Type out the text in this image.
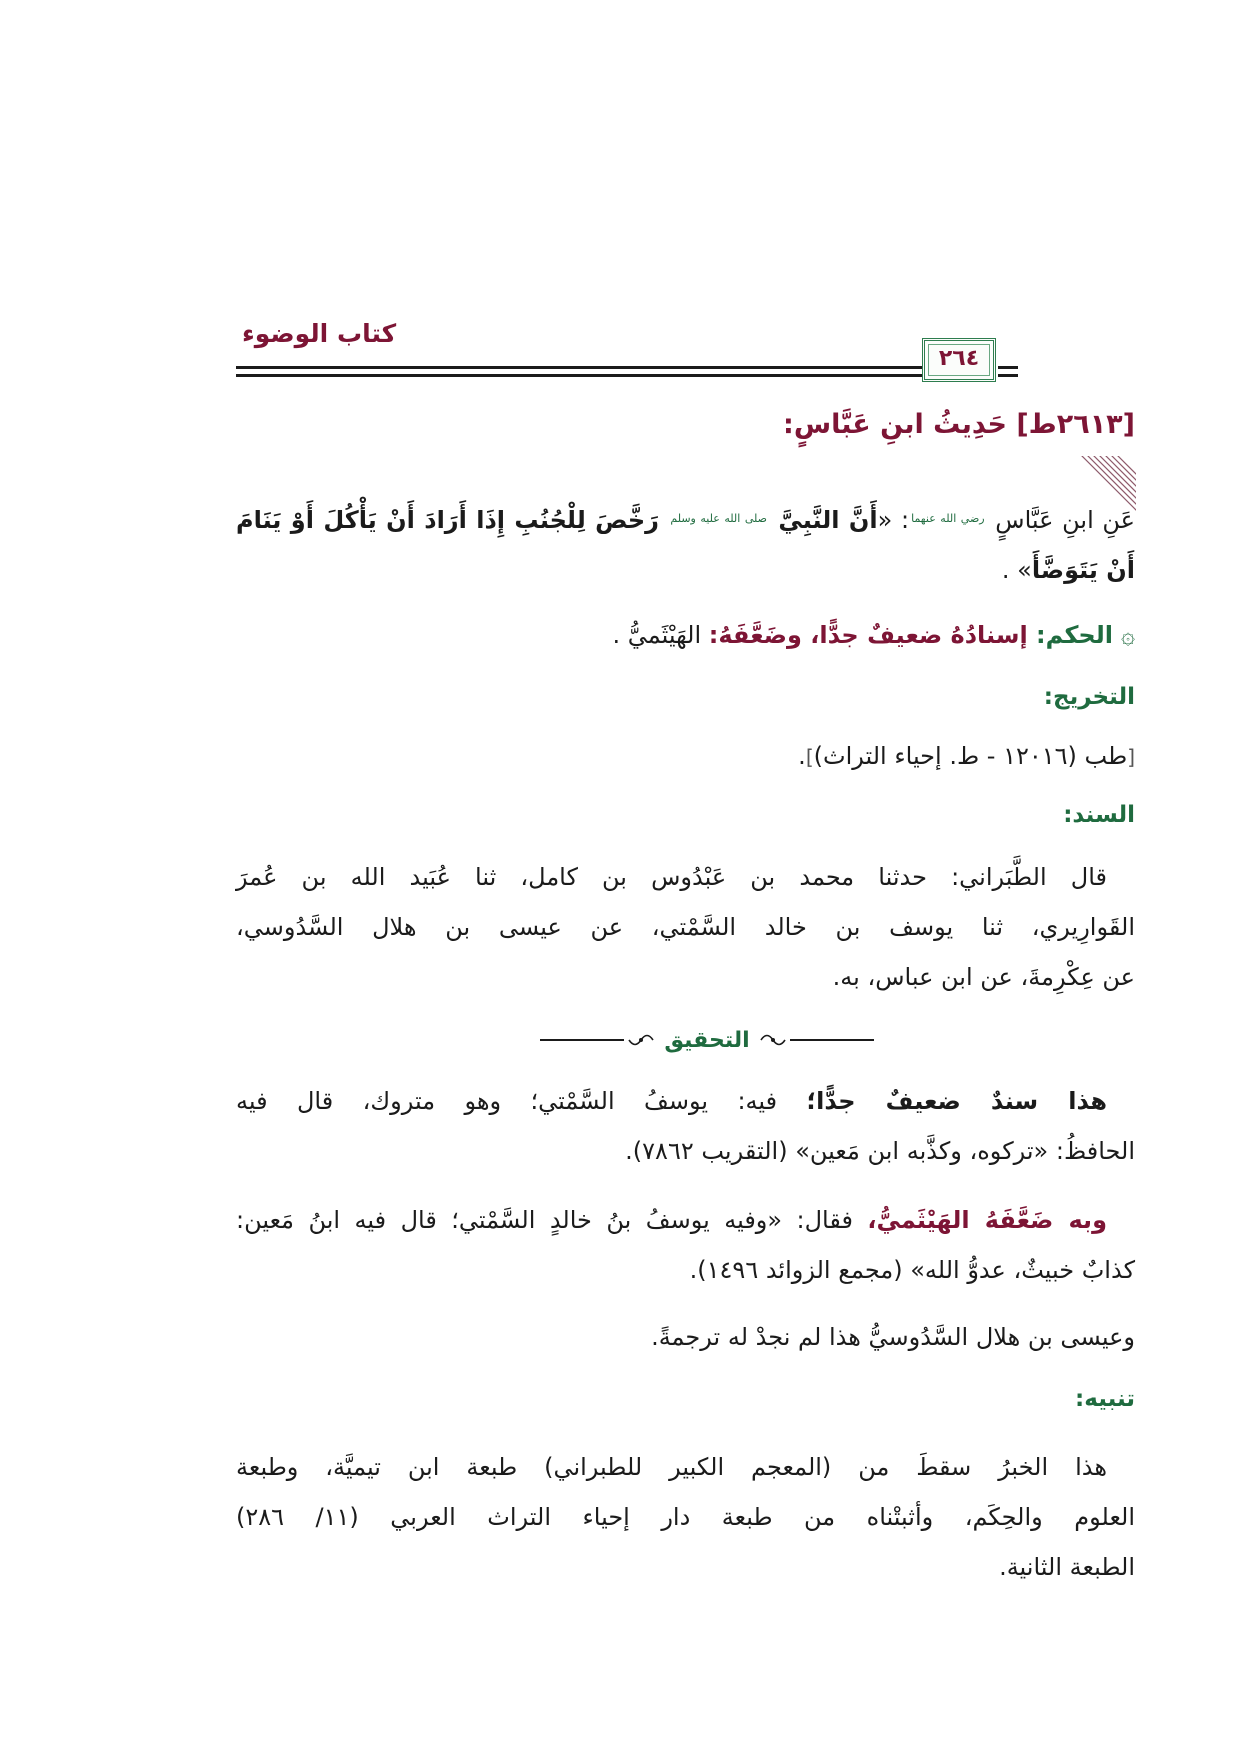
كتاب الوضوء
٢٦٤
[٢٦١٣ط] حَدِيثُ ابنِ عَبَّاسٍ:
عَنِ ابنِ عَبَّاسٍ $^{رضي الله عنهما}$: «أَنَّ النَّبِيَّ $^{صلى الله عليه وسلم}$ رَخَّصَ لِلْجُنُبِ إِذَا أَرَادَ أَنْ يَأْكُلَ أَوْ يَنَامَ
أَنْ يَتَوَضَّأَ» .
۞الحكم: إسنادُهُ ضعيفٌ جدًّا، وضَعَّفَهُ: الهَيْثَميُّ .
التخريج:
[طب (١٢٠١٦ - ط. إحياء التراث)].
السند:
قال الطَّبَراني: حدثنا محمد بن عَبْدُوس بن كامل، ثنا عُبَيد الله بن عُمرَ
القَوارِيري، ثنا يوسف بن خالد السَّمْتي، عن عيسى بن هلال السَّدُوسي،
عن عِكْرِمةَ، عن ابن عباس، به.
التحقيق
هذا سندٌ ضعيفٌ جدًّا؛ فيه: يوسفُ السَّمْتي؛ وهو متروك، قال فيه
الحافظُ: «تركوه، وكذَّبه ابن مَعين» (التقريب ٧٨٦٢).
وبه ضَعَّفَهُ الهَيْثَميُّ، فقال: «وفيه يوسفُ بنُ خالدٍ السَّمْتي؛ قال فيه ابنُ مَعين:
كذابٌ خبيثٌ، عدوُّ الله» (مجمع الزوائد ١٤٩٦).
وعيسى بن هلال السَّدُوسيُّ هذا لم نجدْ له ترجمةً.
تنبيه:
هذا الخبرُ سقطَ من (المعجم الكبير للطبراني) طبعة ابن تيميَّة، وطبعة
العلوم والحِكَم، وأثبتْناه من طبعة دار إحياء التراث العربي (١١/ ٢٨٦)
الطبعة الثانية.
